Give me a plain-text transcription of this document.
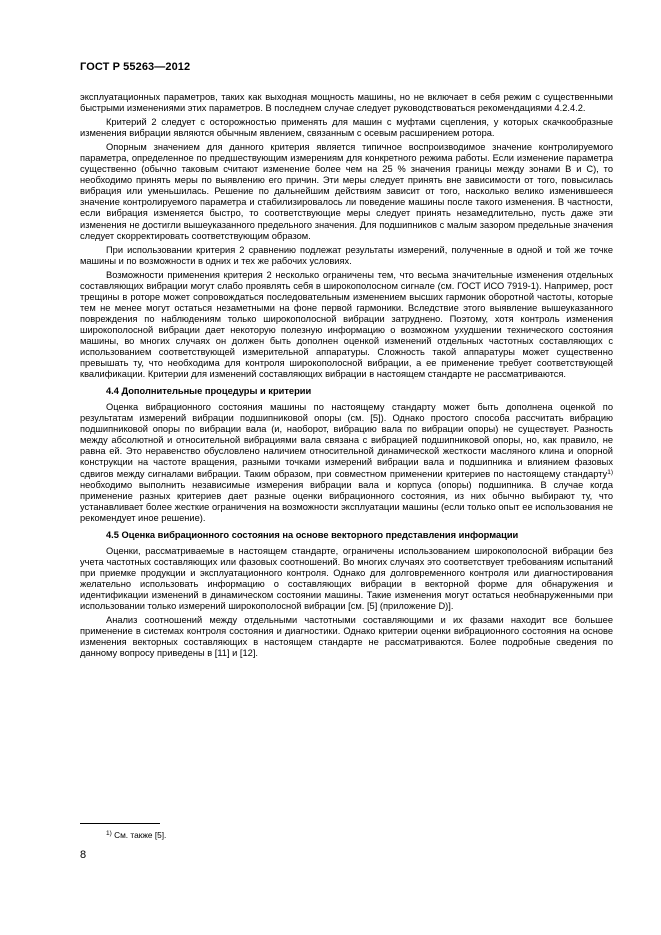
ГОСТ Р 55263—2012

эксплуатационных параметров, таких как выходная мощность машины, но не включает в себя режим с существенными быстрыми изменениями этих параметров. В последнем случае следует руководствоваться рекомендациями 4.2.4.2.

Критерий 2 следует с осторожностью применять для машин с муфтами сцепления, у которых скачкообразные изменения вибрации являются обычным явлением, связанным с осевым расширением ротора.

Опорным значением для данного критерия является типичное воспроизводимое значение контролируемого параметра, определенное по предшествующим измерениям для конкретного режима работы. Если изменение параметра существенно (обычно таковым считают изменение более чем на 25 % значения границы между зонами В и С), то необходимо принять меры по выявлению его причин. Эти меры следует принять вне зависимости от того, повысилась вибрация или уменьшилась. Решение по дальнейшим действиям зависит от того, насколько велико изменившееся значение контролируемого параметра и стабилизировалось ли поведение машины после такого изменения. В частности, если вибрация изменяется быстро, то соответствующие меры следует принять незамедлительно, пусть даже эти изменения не достигли вышеуказанного предельного значения. Для подшипников с малым зазором предельные значения следует скорректировать соответствующим образом.

При использовании критерия 2 сравнению подлежат результаты измерений, полученные в одной и той же точке машины и по возможности в одних и тех же рабочих условиях.

Возможности применения критерия 2 несколько ограничены тем, что весьма значительные изменения отдельных составляющих вибрации могут слабо проявлять себя в широкополосном сигнале (см. ГОСТ ИСО 7919-1). Например, рост трещины в роторе может сопровождаться последовательным изменением высших гармоник оборотной частоты, которые тем не менее могут остаться незаметными на фоне первой гармоники. Вследствие этого выявление вышеуказанного повреждения по наблюдениям только широкополосной вибрации затруднено. Поэтому, хотя контроль изменения широкополосной вибрации дает некоторую полезную информацию о возможном ухудшении технического состояния машины, во многих случаях он должен быть дополнен оценкой изменений отдельных частотных составляющих с использованием соответствующей измерительной аппаратуры. Сложность такой аппаратуры может существенно превышать ту, что необходима для контроля широкополосной вибрации, а ее применение требует соответствующей квалификации. Критерии для изменений составляющих вибрации в настоящем стандарте не рассматриваются.

4.4 Дополнительные процедуры и критерии

Оценка вибрационного состояния машины по настоящему стандарту может быть дополнена оценкой по результатам измерений вибрации подшипниковой опоры (см. [5]). Однако простого способа рассчитать вибрацию подшипниковой опоры по вибрации вала (и, наоборот, вибрацию вала по вибрации опоры) не существует. Разность между абсолютной и относительной вибрациями вала связана с вибрацией подшипниковой опоры, но, как правило, не равна ей. Это неравенство обусловлено наличием относительной динамической жесткости масляного клина и опорной конструкции на частоте вращения, разными точками измерений вибрации вала и подшипника и влиянием фазовых сдвигов между сигналами вибрации. Таким образом, при совместном применении критериев по настоящему стандарту$^{1)}$ необходимо выполнить независимые измерения вибрации вала и корпуса (опоры) подшипника. В случае когда применение разных критериев дает разные оценки вибрационного состояния, из них обычно выбирают ту, что устанавливает более жесткие ограничения на возможности эксплуатации машины (если только опыт ее использования не рекомендует иное решение).

4.5 Оценка вибрационного состояния на основе векторного представления информации

Оценки, рассматриваемые в настоящем стандарте, ограничены использованием широкополосной вибрации без учета частотных составляющих или фазовых соотношений. Во многих случаях это соответствует требованиям испытаний при приемке продукции и эксплуатационного контроля. Однако для долговременного контроля или диагностирования желательно использовать информацию о составляющих вибрации в векторной форме для обнаружения и идентификации изменений в динамическом состоянии машины. Такие изменения могут остаться необнаруженными при использовании только измерений широкополосной вибрации [см. [5] (приложение D)].

Анализ соотношений между отдельными частотными составляющими и их фазами находит все большее применение в системах контроля состояния и диагностики. Однако критерии оценки вибрационного состояния на основе изменения векторных составляющих в настоящем стандарте не рассматриваются. Более подробные сведения по данному вопросу приведены в [11] и [12].

$^{1)}$ См. также [5].
8
